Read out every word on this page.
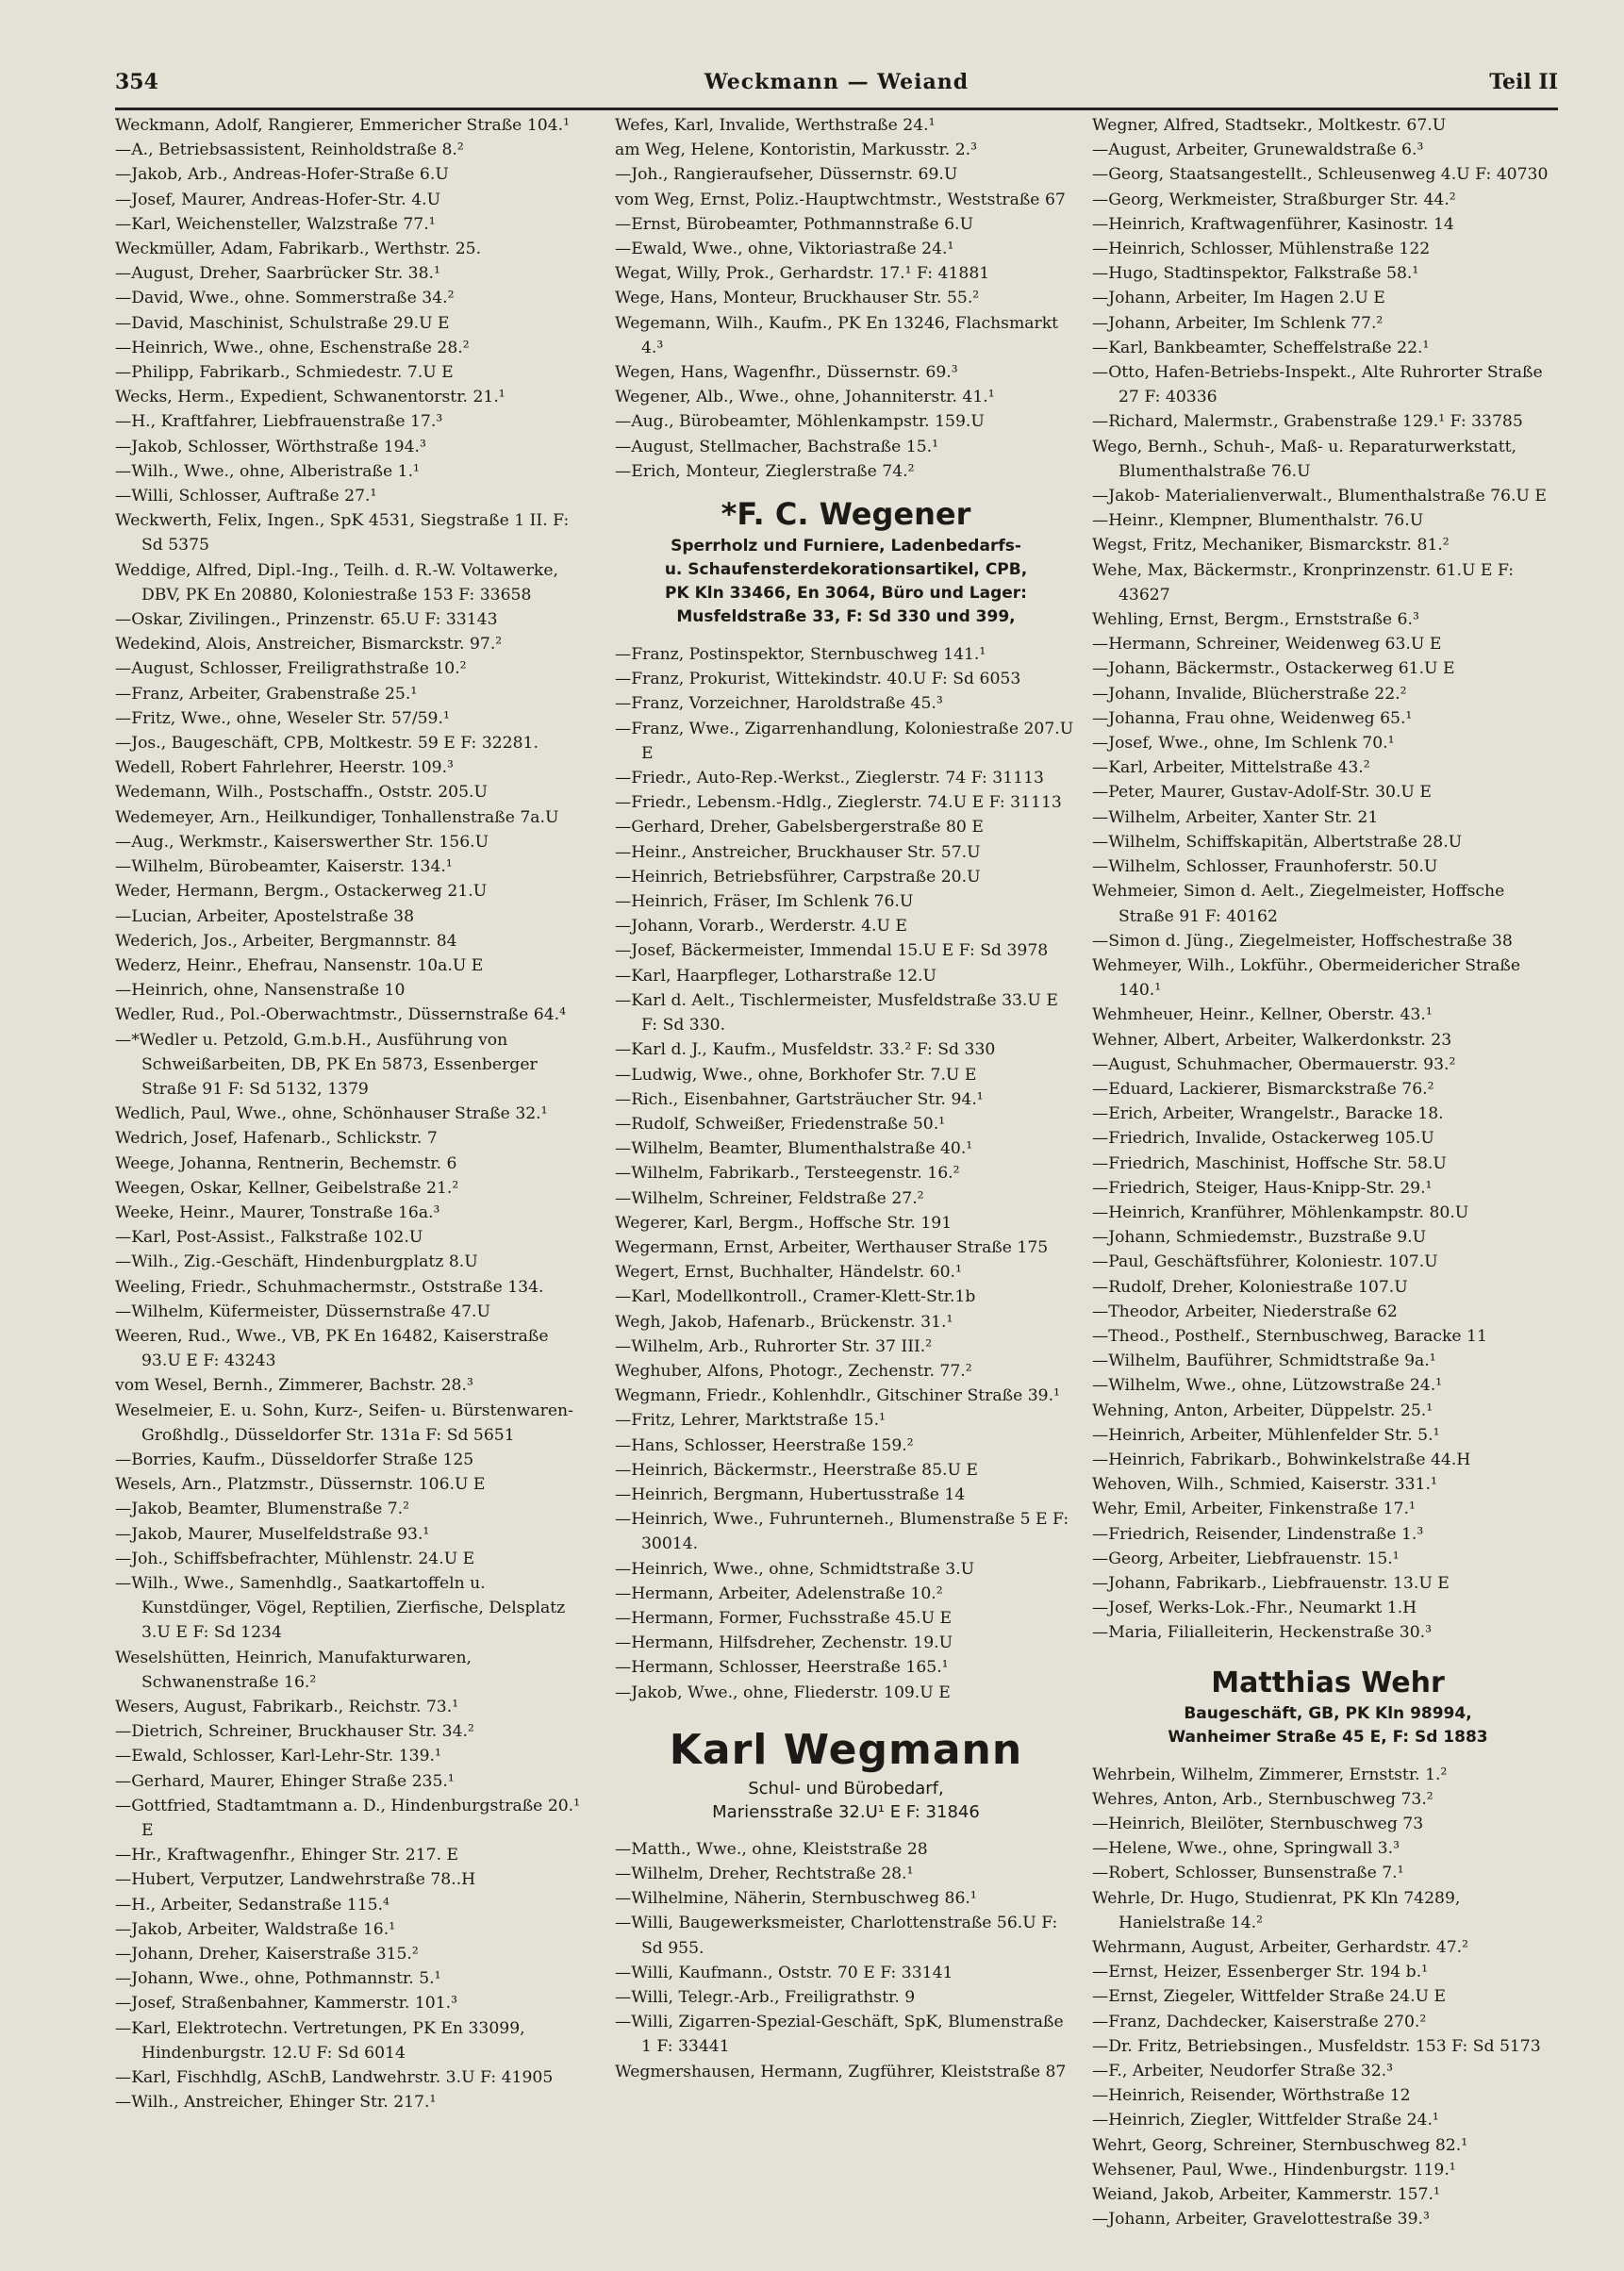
354	Weckmann — Weiand	Teil II
Weckmann, Adolf, Rangierer, Emmericher Straße 104.¹
—A., Betriebsassistent, Reinholdstraße 8.²
—Jakob, Arb., Andreas-Hofer-Straße 6.U
—Josef, Maurer, Andreas-Hofer-Str. 4.U
—Karl, Weichensteller, Walzstraße 77.¹
Weckmüller, Adam, Fabrikarb., Werthstr. 25.
—August, Dreher, Saarbrücker Str. 38.¹
—David, Wwe., ohne. Sommerstraße 34.²
—David, Maschinist, Schulstraße 29.U E
—Heinrich, Wwe., ohne, Eschenstraße 28.²
—Philipp, Fabrikarb., Schmiedestr. 7.U E
Wecks, Herm., Expedient, Schwanentorstr. 21.¹
—H., Kraftfahrer, Liebfrauenstraße 17.³
—Jakob, Schlosser, Wörthstraße 194.³
—Wilh., Wwe., ohne, Alberistraße 1.¹
—Willi, Schlosser, Auftraße 27.¹
Weckwerth, Felix, Ingen., SpK 4531, Siegstraße 1 II. F: Sd 5375
Weddige, Alfred, Dipl.-Ing., Teilh. d. R.-W. Voltawerke, DBV, PK En 20880, Koloniestraße 153 F: 33658
—Oskar, Zivilingen., Prinzenstr. 65.U F: 33143
Wedekind, Alois, Anstreicher, Bismarckstr. 97.²
—August, Schlosser, Freiligrathstraße 10.²
—Franz, Arbeiter, Grabenstraße 25.¹
—Fritz, Wwe., ohne, Weseler Str. 57/59.¹
—Jos., Baugeschäft, CPB, Moltkestr. 59 E F: 32281.
Wedell, Robert Fahrlehrer, Heerstr. 109.³
Wedemann, Wilh., Postschaffn., Oststr. 205.U
Wedemeyer, Arn., Heilkundiger, Tonhallenstraße 7a.U
—Aug., Werkmstr., Kaiserswerther Str. 156.U
—Wilhelm, Bürobeamter, Kaiserstr. 134.¹
Weder, Hermann, Bergm., Ostackerweg 21.U
—Lucian, Arbeiter, Apostelstraße 38
Wederich, Jos., Arbeiter, Bergmannstr. 84
Wederz, Heinr., Ehefrau, Nansenstr. 10a.U E
—Heinrich, ohne, Nansenstraße 10
Wedler, Rud., Pol.-Oberwachtmstr., Düssernstraße 64.⁴
—*Wedler u. Petzold, G.m.b.H., Ausführung von Schweißarbeiten, DB, PK En 5873, Essenberger Straße 91 F: Sd 5132, 1379
Wedlich, Paul, Wwe., ohne, Schönhauser Straße 32.¹
Wedrich, Josef, Hafenarb., Schlickstr. 7
Weege, Johanna, Rentnerin, Bechemstr. 6
Weegen, Oskar, Kellner, Geibelstraße 21.²
Weeke, Heinr., Maurer, Tonstraße 16a.³
—Karl, Post-Assist., Falkstraße 102.U
—Wilh., Zig.-Geschäft, Hindenburgplatz 8.U
Weeling, Friedr., Schuhmachermstr., Oststraße 134.
—Wilhelm, Küfermeister, Düssernstraße 47.U
Weeren, Rud., Wwe., VB, PK En 16482, Kaiserstraße 93.U E F: 43243
vom Wesel, Bernh., Zimmerer, Bachstr. 28.³
Weselmeier, E. u. Sohn, Kurz-, Seifen- u. Bürstenwaren-Großhdlg., Düsseldorfer Str. 131a F: Sd 5651
—Borries, Kaufm., Düsseldorfer Straße 125
Wesels, Arn., Platzmstr., Düssernstr. 106.U E
—Jakob, Beamter, Blumenstraße 7.²
—Jakob, Maurer, Muselfeldstraße 93.¹
—Joh., Schiffsbefrachter, Mühlenstr. 24.U E
—Wilh., Wwe., Samenhdlg., Saatkartoffeln u. Kunstdünger, Vögel, Reptilien, Zierfische, Delsplatz 3.U E F: Sd 1234
Weselshütten, Heinrich, Manufakturwaren, Schwanenstraße 16.²
Wesers, August, Fabrikarb., Reichstr. 73.¹
—Dietrich, Schreiner, Bruckhauser Str. 34.²
—Ewald, Schlosser, Karl-Lehr-Str. 139.¹
—Gerhard, Maurer, Ehinger Straße 235.¹
—Gottfried, Stadtamtmann a. D., Hindenburgstraße 20.¹ E
—Hr., Kraftwagenfhr., Ehinger Str. 217. E
—Hubert, Verputzer, Landwehrstraße 78..H
—H., Arbeiter, Sedanstraße 115.⁴
—Jakob, Arbeiter, Waldstraße 16.¹
—Johann, Dreher, Kaiserstraße 315.²
—Johann, Wwe., ohne, Pothmannstr. 5.¹
—Josef, Straßenbahner, Kammerstr. 101.³
—Karl, Elektrotechn. Vertretungen, PK En 33099, Hindenburgstr. 12.U F: Sd 6014
—Karl, Fischhdlg, ASchB, Landwehrstr. 3.U F: 41905
—Wilh., Anstreicher, Ehinger Str. 217.¹
Wefes, Karl, Invalide, Werthstraße 24.¹
am Weg, Helene, Kontoristin, Markusstr. 2.³
—Joh., Rangieraufseher, Düssernstr. 69.U
vom Weg, Ernst, Poliz.-Hauptwchtmstr., Weststraße 67
—Ernst, Bürobeamter, Pothmannstraße 6.U
—Ewald, Wwe., ohne, Viktoriastraße 24.¹
Wegat, Willy, Prok., Gerhardstr. 17.¹ F: 41881
Wege, Hans, Monteur, Bruckhauser Str. 55.²
Wegemann, Wilh., Kaufm., PK En 13246, Flachsmarkt 4.³
Wegen, Hans, Wagenfhr., Düssernstr. 69.³
Wegener, Alb., Wwe., ohne, Johanniterstr. 41.¹
—Aug., Bürobeamter, Möhlenkampstr. 159.U
—August, Stellmacher, Bachstraße 15.¹
—Erich, Monteur, Zieglerstraße 74.²
*F. C. Wegener
Sperrholz und Furniere, Ladenbedarfs-
u. Schaufensterdekorationsartikel, CPB,
PK Kln 33466, En 3064, Büro und Lager:
Musfeldstraße 33, F: Sd 330 und 399,
—Franz, Postinspektor, Sternbuschweg 141.¹
—Franz, Prokurist, Wittekindstr. 40.U F: Sd 6053
—Franz, Vorzeichner, Haroldstraße 45.³
—Franz, Wwe., Zigarrenhandlung, Koloniestraße 207.U E
—Friedr., Auto-Rep.-Werkst., Zieglerstr. 74 F: 31113
—Friedr., Lebensm.-Hdlg., Zieglerstr. 74.U E F: 31113
—Gerhard, Dreher, Gabelsbergerstraße 80 E
—Heinr., Anstreicher, Bruckhauser Str. 57.U
—Heinrich, Betriebsführer, Carpstraße 20.U
—Heinrich, Fräser, Im Schlenk 76.U
—Johann, Vorarb., Werderstr. 4.U E
—Josef, Bäckermeister, Immendal 15.U E F: Sd 3978
—Karl, Haarpfleger, Lotharstraße 12.U
—Karl d. Aelt., Tischlermeister, Musfeldstraße 33.U E F: Sd 330.
—Karl d. J., Kaufm., Musfeldstr. 33.² F: Sd 330
—Ludwig, Wwe., ohne, Borkhofer Str. 7.U E
—Rich., Eisenbahner, Gartsträucher Str. 94.¹
—Rudolf, Schweißer, Friedenstraße 50.¹
—Wilhelm, Beamter, Blumenthalstraße 40.¹
—Wilhelm, Fabrikarb., Tersteegenstr. 16.²
—Wilhelm, Schreiner, Feldstraße 27.²
Wegerer, Karl, Bergm., Hoffsche Str. 191
Wegermann, Ernst, Arbeiter, Werthauser Straße 175
Wegert, Ernst, Buchhalter, Händelstr. 60.¹
—Karl, Modellkontroll., Cramer-Klett-Str.1b
Wegh, Jakob, Hafenarb., Brückenstr. 31.¹
—Wilhelm, Arb., Ruhrorter Str. 37 III.²
Weghuber, Alfons, Photogr., Zechenstr. 77.²
Wegmann, Friedr., Kohlenhdlr., Gitschiner Straße 39.¹
—Fritz, Lehrer, Marktstraße 15.¹
—Hans, Schlosser, Heerstraße 159.²
—Heinrich, Bäckermstr., Heerstraße 85.U E
—Heinrich, Bergmann, Hubertusstraße 14
—Heinrich, Wwe., Fuhrunterneh., Blumenstraße 5 E F: 30014.
—Heinrich, Wwe., ohne, Schmidtstraße 3.U
—Hermann, Arbeiter, Adelenstraße 10.²
—Hermann, Former, Fuchsstraße 45.U E
—Hermann, Hilfsdreher, Zechenstr. 19.U
—Hermann, Schlosser, Heerstraße 165.¹
—Jakob, Wwe., ohne, Fliederstr. 109.U E
Karl Wegmann
Schul- und Bürobedarf,
Mariensstraße 32.U¹ E F: 31846
—Matth., Wwe., ohne, Kleiststraße 28
—Wilhelm, Dreher, Rechtstraße 28.¹
—Wilhelmine, Näherin, Sternbuschweg 86.¹
—Willi, Baugewerksmeister, Charlottenstraße 56.U F: Sd 955.
—Willi, Kaufmann., Oststr. 70 E F: 33141
—Willi, Telegr.-Arb., Freiligrathstr. 9
—Willi, Zigarren-Spezial-Geschäft, SpK, Blumenstraße 1 F: 33441
Wegmershausen, Hermann, Zugführer, Kleiststraße 87
Wegner, Alfred, Stadtsekr., Moltkestr. 67.U
—August, Arbeiter, Grunewaldstraße 6.³
—Georg, Staatsangestellt., Schleusenweg 4.U F: 40730
—Georg, Werkmeister, Straßburger Str. 44.²
—Heinrich, Kraftwagenführer, Kasinostr. 14
—Heinrich, Schlosser, Mühlenstraße 122
—Hugo, Stadtinspektor, Falkstraße 58.¹
—Johann, Arbeiter, Im Hagen 2.U E
—Johann, Arbeiter, Im Schlenk 77.²
—Karl, Bankbeamter, Scheffelstraße 22.¹
—Otto, Hafen-Betriebs-Inspekt., Alte Ruhrorter Straße 27 F: 40336
—Richard, Malermstr., Grabenstraße 129.¹ F: 33785
Wego, Bernh., Schuh-, Maß- u. Reparaturwerkstatt, Blumenthalstraße 76.U
—Jakob- Materialienverwalt., Blumenthalstraße 76.U E
—Heinr., Klempner, Blumenthalstr. 76.U
Wegst, Fritz, Mechaniker, Bismarckstr. 81.²
Wehe, Max, Bäckermstr., Kronprinzenstr. 61.U E F: 43627
Wehling, Ernst, Bergm., Ernststraße 6.³
—Hermann, Schreiner, Weidenweg 63.U E
—Johann, Bäckermstr., Ostackerweg 61.U E
—Johann, Invalide, Blücherstraße 22.²
—Johanna, Frau ohne, Weidenweg 65.¹
—Josef, Wwe., ohne, Im Schlenk 70.¹
—Karl, Arbeiter, Mittelstraße 43.²
—Peter, Maurer, Gustav-Adolf-Str. 30.U E
—Wilhelm, Arbeiter, Xanter Str. 21
—Wilhelm, Schiffskapitän, Albertstraße 28.U
—Wilhelm, Schlosser, Fraunhoferstr. 50.U
Wehmeier, Simon d. Aelt., Ziegelmeister, Hoffsche Straße 91 F: 40162
—Simon d. Jüng., Ziegelmeister, Hoffschestraße 38
Wehmeyer, Wilh., Lokführ., Obermeidericher Straße 140.¹
Wehmheuer, Heinr., Kellner, Oberstr. 43.¹
Wehner, Albert, Arbeiter, Walkerdonkstr. 23
—August, Schuhmacher, Obermauerstr. 93.²
—Eduard, Lackierer, Bismarckstraße 76.²
—Erich, Arbeiter, Wrangelstr., Baracke 18.
—Friedrich, Invalide, Ostackerweg 105.U
—Friedrich, Maschinist, Hoffsche Str. 58.U
—Friedrich, Steiger, Haus-Knipp-Str. 29.¹
—Heinrich, Kranführer, Möhlenkampstr. 80.U
—Johann, Schmiedemstr., Buzstraße 9.U
—Paul, Geschäftsführer, Koloniestr. 107.U
—Rudolf, Dreher, Koloniestraße 107.U
—Theodor, Arbeiter, Niederstraße 62
—Theod., Posthelf., Sternbuschweg, Baracke 11
—Wilhelm, Bauführer, Schmidtstraße 9a.¹
—Wilhelm, Wwe., ohne, Lützowstraße 24.¹
Wehning, Anton, Arbeiter, Düppelstr. 25.¹
—Heinrich, Arbeiter, Mühlenfelder Str. 5.¹
—Heinrich, Fabrikarb., Bohwinkelstraße 44.H
Wehoven, Wilh., Schmied, Kaiserstr. 331.¹
Wehr, Emil, Arbeiter, Finkenstraße 17.¹
—Friedrich, Reisender, Lindenstraße 1.³
—Georg, Arbeiter, Liebfrauenstr. 15.¹
—Johann, Fabrikarb., Liebfrauenstr. 13.U E
—Josef, Werks-Lok.-Fhr., Neumarkt 1.H
—Maria, Filialleiterin, Heckenstraße 30.³
Matthias Wehr
Baugeschäft, GB, PK Kln 98994,
Wanheimer Straße 45 E, F: Sd 1883
Wehrbein, Wilhelm, Zimmerer, Ernststr. 1.²
Wehres, Anton, Arb., Sternbuschweg 73.²
—Heinrich, Bleilöter, Sternbuschweg 73
—Helene, Wwe., ohne, Springwall 3.³
—Robert, Schlosser, Bunsenstraße 7.¹
Wehrle, Dr. Hugo, Studienrat, PK Kln 74289, Hanielstraße 14.²
Wehrmann, August, Arbeiter, Gerhardstr. 47.²
—Ernst, Heizer, Essenberger Str. 194 b.¹
—Ernst, Ziegeler, Wittfelder Straße 24.U E
—Franz, Dachdecker, Kaiserstraße 270.²
—Dr. Fritz, Betriebsingen., Musfeldstr. 153 F: Sd 5173
—F., Arbeiter, Neudorfer Straße 32.³
—Heinrich, Reisender, Wörthstraße 12
—Heinrich, Ziegler, Wittfelder Straße 24.¹
Wehrt, Georg, Schreiner, Sternbuschweg 82.¹
Wehsener, Paul, Wwe., Hindenburgstr. 119.¹
Weiand, Jakob, Arbeiter, Kammerstr. 157.¹
—Johann, Arbeiter, Gravelottestraße 39.³
